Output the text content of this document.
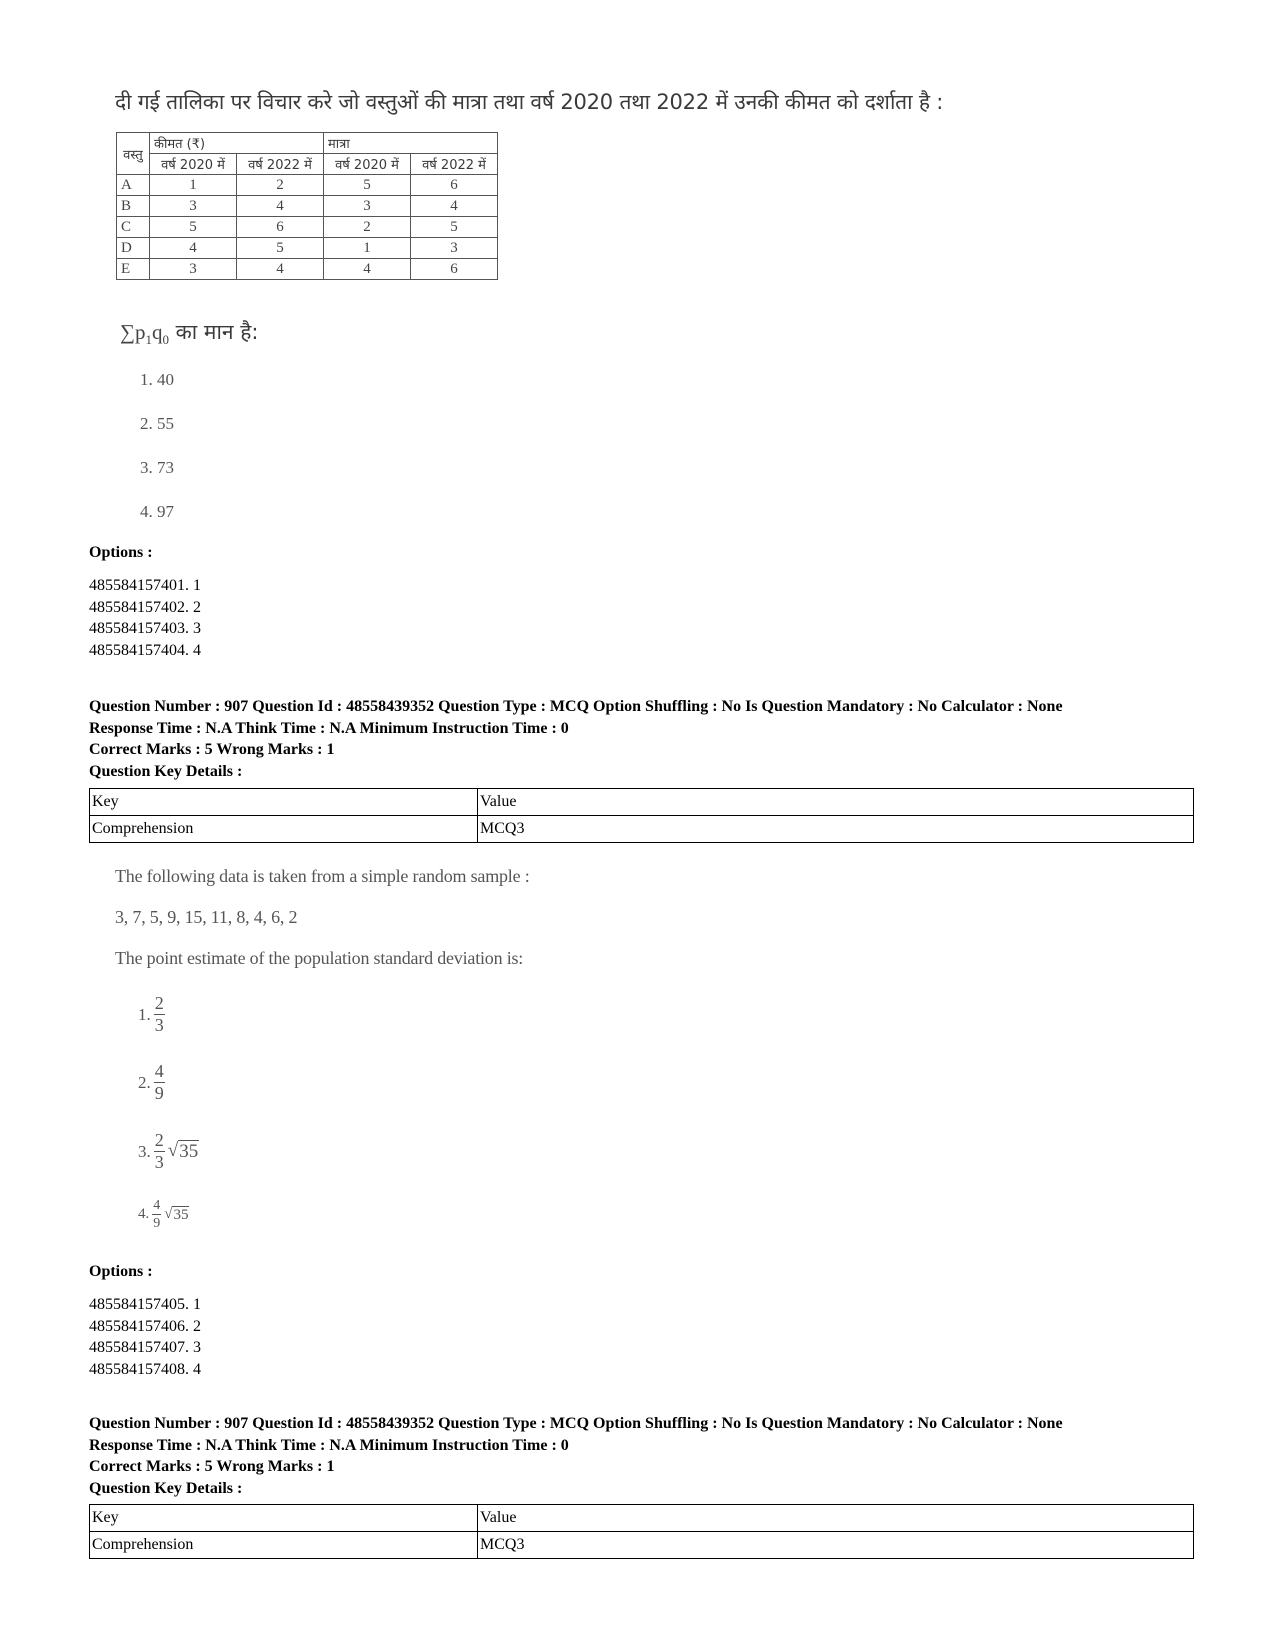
दी गई तालिका पर विचार करे जो वस्तुओं की मात्रा तथा वर्ष 2020 तथा 2022 में उनकी कीमत को दर्शाता है :
वस्तु	कीमत (₹)		मात्रा	
	वर्ष 2020 में	वर्ष 2022 में	वर्ष 2020 में	वर्ष 2022 में
A	1	2	5	6
B	3	4	3	4
C	5	6	2	5
D	4	5	1	3
E	3	4	4	6
$\sum p_1q_0$ का मान है:
1. 40
2. 55
3. 73
4. 97
Options :
485584157401. 1
485584157402. 2
485584157403. 3
485584157404. 4
Question Number : 907 Question Id : 48558439352 Question Type : MCQ Option Shuffling : No Is Question Mandatory : No Calculator : None
Response Time : N.A Think Time : N.A Minimum Instruction Time : 0
Correct Marks : 5 Wrong Marks : 1
Question Key Details :
Key	Value
Comprehension	MCQ3
The following data is taken from a simple random sample :
3, 7, 5, 9, 15, 11, 8, 4, 6, 2
The point estimate of the population standard deviation is:
1. $\frac{2}{3}$
2. $\frac{4}{9}$
3. $\frac{2}{3}$ √ 35
4. $\frac{4}{9}$ √ 35
Options :
485584157405. 1
485584157406. 2
485584157407. 3
485584157408. 4
Question Number : 907 Question Id : 48558439352 Question Type : MCQ Option Shuffling : No Is Question Mandatory : No Calculator : None
Response Time : N.A Think Time : N.A Minimum Instruction Time : 0
Correct Marks : 5 Wrong Marks : 1
Question Key Details :
Key	Value
Comprehension	MCQ3
